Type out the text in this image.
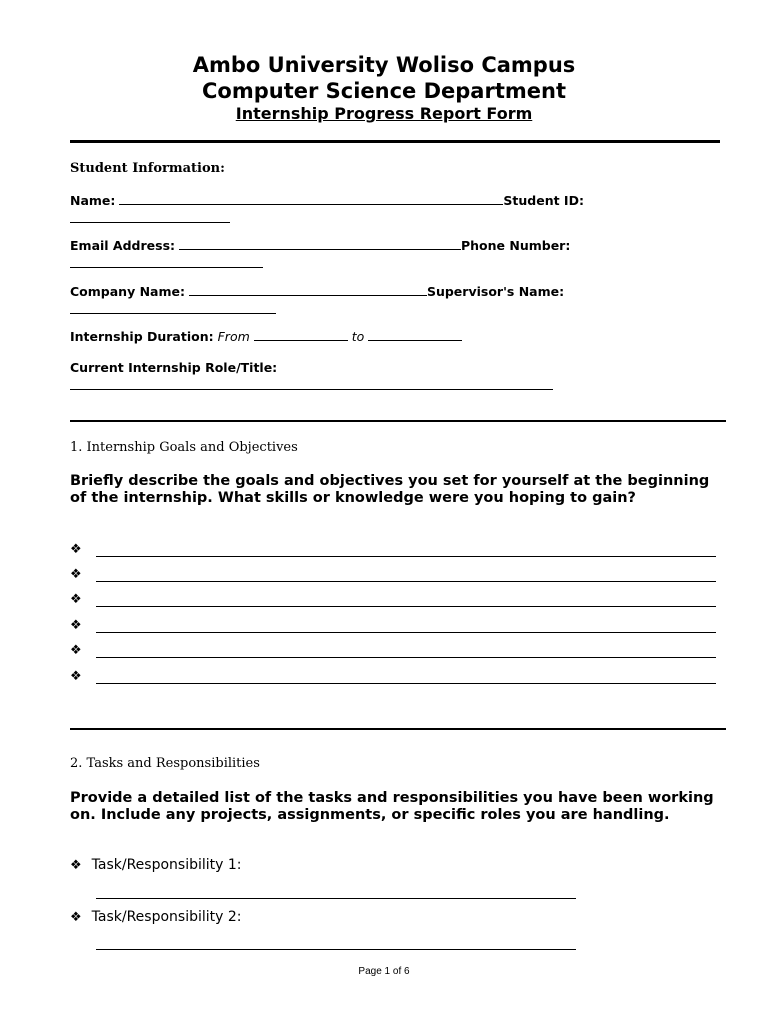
Ambo University Woliso Campus
Computer Science Department
Internship Progress Report Form
Student Information:
Name:	Student ID:

Email Address:	Phone Number:

Company Name:	Supervisor's Name:

Internship Duration: From	to
Current Internship Role/Title:

1. Internship Goals and Objectives
Briefly describe the goals and objectives you set for yourself at the beginning of the internship. What skills or knowledge were you hoping to gain?
❖
❖
❖
❖
❖
❖
2. Tasks and Responsibilities
Provide a detailed list of the tasks and responsibilities you have been working on. Include any projects, assignments, or specific roles you are handling.
❖ Task/Responsibility 1:
❖ Task/Responsibility 2:
Page 1 of 6
